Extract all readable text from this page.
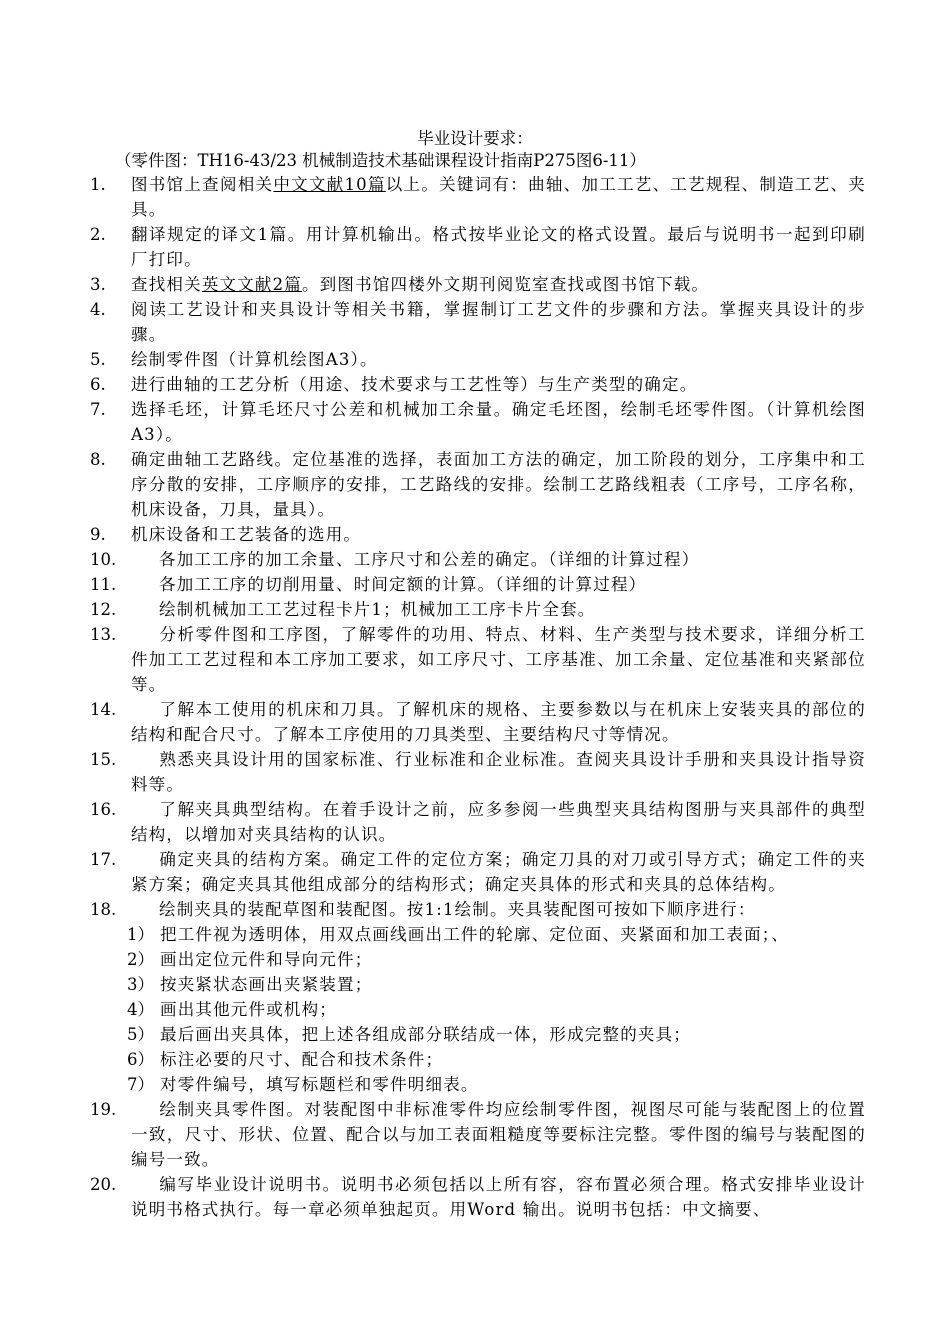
毕业设计要求：
（零件图：TH16-43/23 机械制造技术基础课程设计指南P275图6-11）
1. 图书馆上查阅相关中文文献10篇以上。关键词有：曲轴、加工工艺、工艺规程、制造工艺、夹具。
2. 翻译规定的译文1篇。用计算机输出。格式按毕业论文的格式设置。最后与说明书一起到印刷厂打印。
3. 查找相关英文文献2篇。到图书馆四楼外文期刊阅览室查找或图书馆下载。
4. 阅读工艺设计和夹具设计等相关书籍，掌握制订工艺文件的步骤和方法。掌握夹具设计的步骤。
5. 绘制零件图（计算机绘图A3）。
6. 进行曲轴的工艺分析（用途、技术要求与工艺性等）与生产类型的确定。
7. 选择毛坯，计算毛坯尺寸公差和机械加工余量。确定毛坯图，绘制毛坯零件图。（计算机绘图A3）。
8. 确定曲轴工艺路线。定位基准的选择，表面加工方法的确定，加工阶段的划分，工序集中和工序分散的安排，工序顺序的安排，工艺路线的安排。绘制工艺路线粗表（工序号，工序名称，机床设备，刀具，量具）。
9. 机床设备和工艺装备的选用。
10.	各加工工序的加工余量、工序尺寸和公差的确定。（详细的计算过程）
11.	各加工工序的切削用量、时间定额的计算。（详细的计算过程）
12.	绘制机械加工工艺过程卡片1；机械加工工序卡片全套。
13.	分析零件图和工序图，了解零件的功用、特点、材料、生产类型与技术要求，详细分析工件加工工艺过程和本工序加工要求，如工序尺寸、工序基准、加工余量、定位基准和夹紧部位等。
14.	了解本工使用的机床和刀具。了解机床的规格、主要参数以与在机床上安装夹具的部位的结构和配合尺寸。了解本工序使用的刀具类型、主要结构尺寸等情况。
15.	熟悉夹具设计用的国家标准、行业标准和企业标准。查阅夹具设计手册和夹具设计指导资料等。
16.	了解夹具典型结构。在着手设计之前，应多参阅一些典型夹具结构图册与夹具部件的典型结构，以增加对夹具结构的认识。
17.	确定夹具的结构方案。确定工件的定位方案；确定刀具的对刀或引导方式；确定工件的夹紧方案；确定夹具其他组成部分的结构形式；确定夹具体的形式和夹具的总体结构。
18.	绘制夹具的装配草图和装配图。按1:1绘制。夹具装配图可按如下顺序进行：
1） 把工件视为透明体，用双点画线画出工件的轮廓、定位面、夹紧面和加工表面；、
2） 画出定位元件和导向元件；
3） 按夹紧状态画出夹紧装置；
4） 画出其他元件或机构；
5） 最后画出夹具体，把上述各组成部分联结成一体，形成完整的夹具；
6） 标注必要的尺寸、配合和技术条件；
7） 对零件编号，填写标题栏和零件明细表。
19.	绘制夹具零件图。对装配图中非标准零件均应绘制零件图，视图尽可能与装配图上的位置一致，尺寸、形状、位置、配合以与加工表面粗糙度等要标注完整。零件图的编号与装配图的编号一致。
20.	编写毕业设计说明书。说明书必须包括以上所有容，容布置必须合理。格式安排毕业设计说明书格式执行。每一章必须单独起页。用Word 输出。说明书包括：中文摘要、
